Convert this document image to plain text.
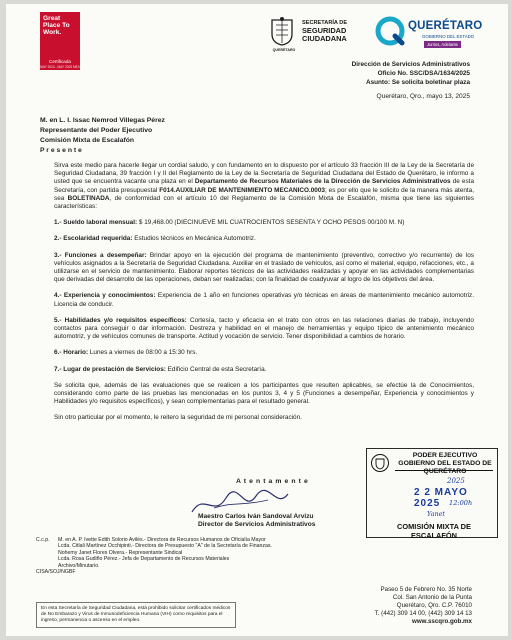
Great Place To Work.
Certificada
MAY 2024 - MAY 2025 MEX
QUERÉTARO
SECRETARÍA DE
SEGURIDAD
CIUDADANA
QUERÉTARO
GOBIERNO DEL ESTADO
Juntos, Adelante
Dirección de Servicios Administrativos
Oficio No. SSC/DSA/1634/2025
Asunto: Se solicita boletinar plaza
Querétaro, Qro., mayo 13, 2025
M. en L. I. Issac Nemrod Villegas Pérez
Representante del Poder Ejecutivo
Comisión Mixta de Escalafón
P r e s e n t e

Sirva este medio para hacerle llegar un cordial saludo, y con fundamento en lo dispuesto por el artículo 33 fracción III de la Ley de la Secretaría de Seguridad Ciudadana, 39 fracción I y II del Reglamento de la Ley de la Secretaría de Seguridad Ciudadana del Estado de Querétaro, le informo a usted que se encuentra vacante una plaza en el Departamento de Recursos Materiales de la Dirección de Servicios Administrativos de esta Secretaría, con partida presupuestal F014.AUXILIAR DE MANTENIMIENTO MECANICO.0003; es por ello que le solicito de la manera más atenta, sea BOLETINADA, de conformidad con el artículo 10 del Reglamento de la Comisión Mixta de Escalafón, misma que tiene las siguientes características:

1.- Sueldo laboral mensual: $ 19,468.00 (DIECINUEVE MIL CUATROCIENTOS SESENTA Y OCHO PESOS 00/100 M. N)

2.- Escolaridad requerida: Estudios técnicos en Mecánica Automotriz.

3.- Funciones a desempeñar: Brindar apoyo en la ejecución del programa de mantenimiento (preventivo, correctivo y/o recurrente) de los vehículos asignados a la Secretaría de Seguridad Ciudadana. Auxiliar en el traslado de vehículos, así como el material, equipo, refacciones, etc., a utilizarse en el servicio de mantenimiento. Elaborar reportes técnicos de las actividades realizadas y apoyar en las actividades complementarias que derivadas del desarrollo de las operaciones, deban ser realizadas; con la finalidad de coadyuvar al logro de los objetivos del área.

4.- Experiencia y conocimientos: Experiencia de 1 año en funciones operativas y/o técnicas en áreas de mantenimiento mecánico automotriz. Licencia de conducir.

5.- Habilidades y/o requisitos específicos: Cortesía, tacto y eficacia en el trato con otros en las relaciones diarias de trabajo, incluyendo contactos para conseguir o dar información. Destreza y habilidad en el manejo de herramientas y equipo típico de antenimiento mecánico automotriz, y de vehículos comunes de transporte. Actitud y vocación de servicio. Tener disponibilidad a cambios de horario.

6.- Horario: Lunes a viernes de 08:00 a 15:30 hrs.

7.- Lugar de prestación de Servicios: Edificio Central de esta Secretaría.

Se solicita que, además de las evaluaciones que se realicen a los participantes que resulten aplicables, se efectúe la de Conocimientos, considerando como parte de las pruebas las mencionadas en los puntos 3, 4 y 5 (Funciones a desempeñar, Experiencia y conocimientos y Habilidades y/o requisitos específicos), y sean complementarias para el resultado general.

Sin otro particular por el momento, le reitero la seguridad de mi personal consideración.

A t e n t a m e n t e
Maestro Carlos Iván Sandoval Arvizu
Director de Servicios Administrativos
C.c.p.	M. en A. P. Ivette Edith Solorio Avilés.- Directora de Recursos Humanos de Oficialía Mayor
Lcda. Citlali Martínez Occhipinti.- Directora de Presupuesto "A" de la Secretaría de Finanzas.
Nohemy Janet Flores Olvera.- Representante Sindical
Lcda. Rosa Gudiño Pérez.- Jefa de Departamento de Recursos Materiales
Archivo/Minutario.
CISA/SOJ/NGBF
Paseo 5 de Febrero No. 35 Norte
Col. San Antonio de la Punta
Querétaro, Qro. C.P. 76010
T. (442) 309 14 00, (442) 309 14 13
www.sscqro.gob.mx
En esta Secretaría de Seguridad Ciudadana, está prohibido solicitar certificados médicos de No Embarazo y Virus de Inmunodeficiencia Humana (VIH) como requisitos para el ingreso, permanencia o ascenso en el empleo.
PODER EJECUTIVO
GOBIERNO DEL ESTADO DE QUERÉTARO
2025
2 2 MAYO 2025	12:00h
Yanet
COMISIÓN MIXTA DE ESCALAFÓN
